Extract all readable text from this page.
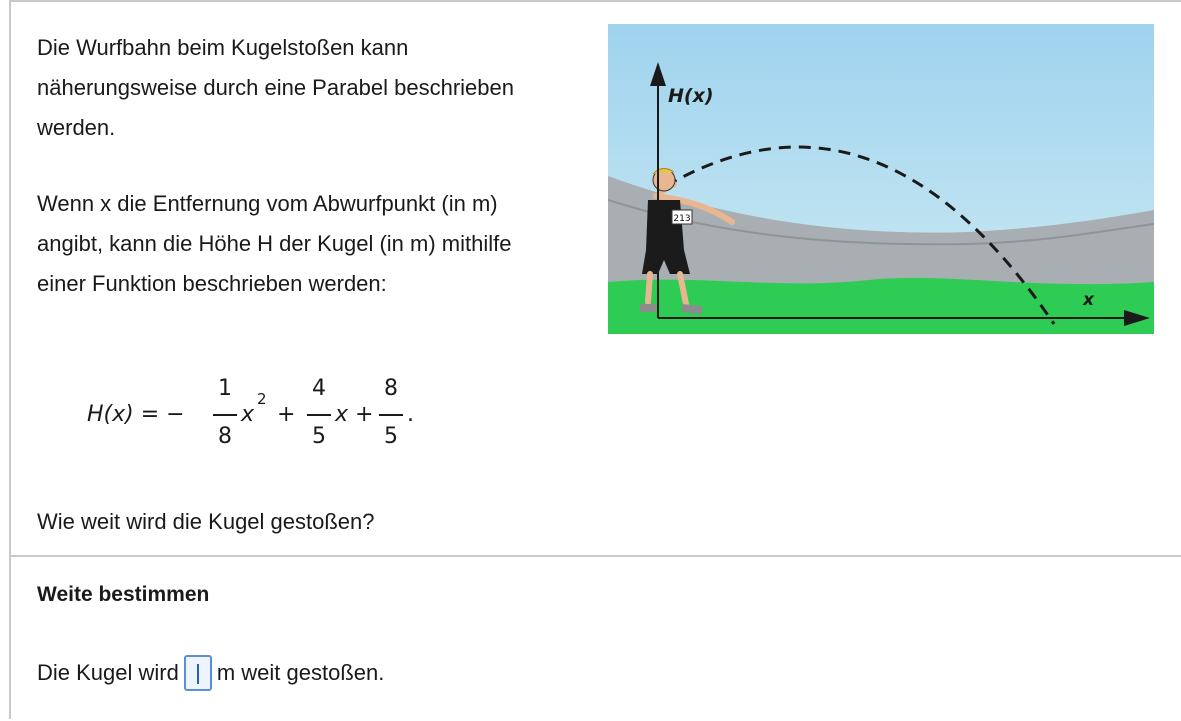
Die Wurfbahn beim Kugelstoßen kann näherungsweise durch eine Parabel beschrieben werden.

Wenn x die Entfernung vom Abwurfpunkt (in m) angibt, kann die Höhe H der Kugel (in m) mithilfe einer Funktion beschrieben werden:

H(x) = −
1
8
x
2
+
4
5
x +
8
5
.
Wie weit wird die Kugel gestoßen?
213
H(x)
x
Weite bestimmen
Die Kugel wird m weit gestoßen.
